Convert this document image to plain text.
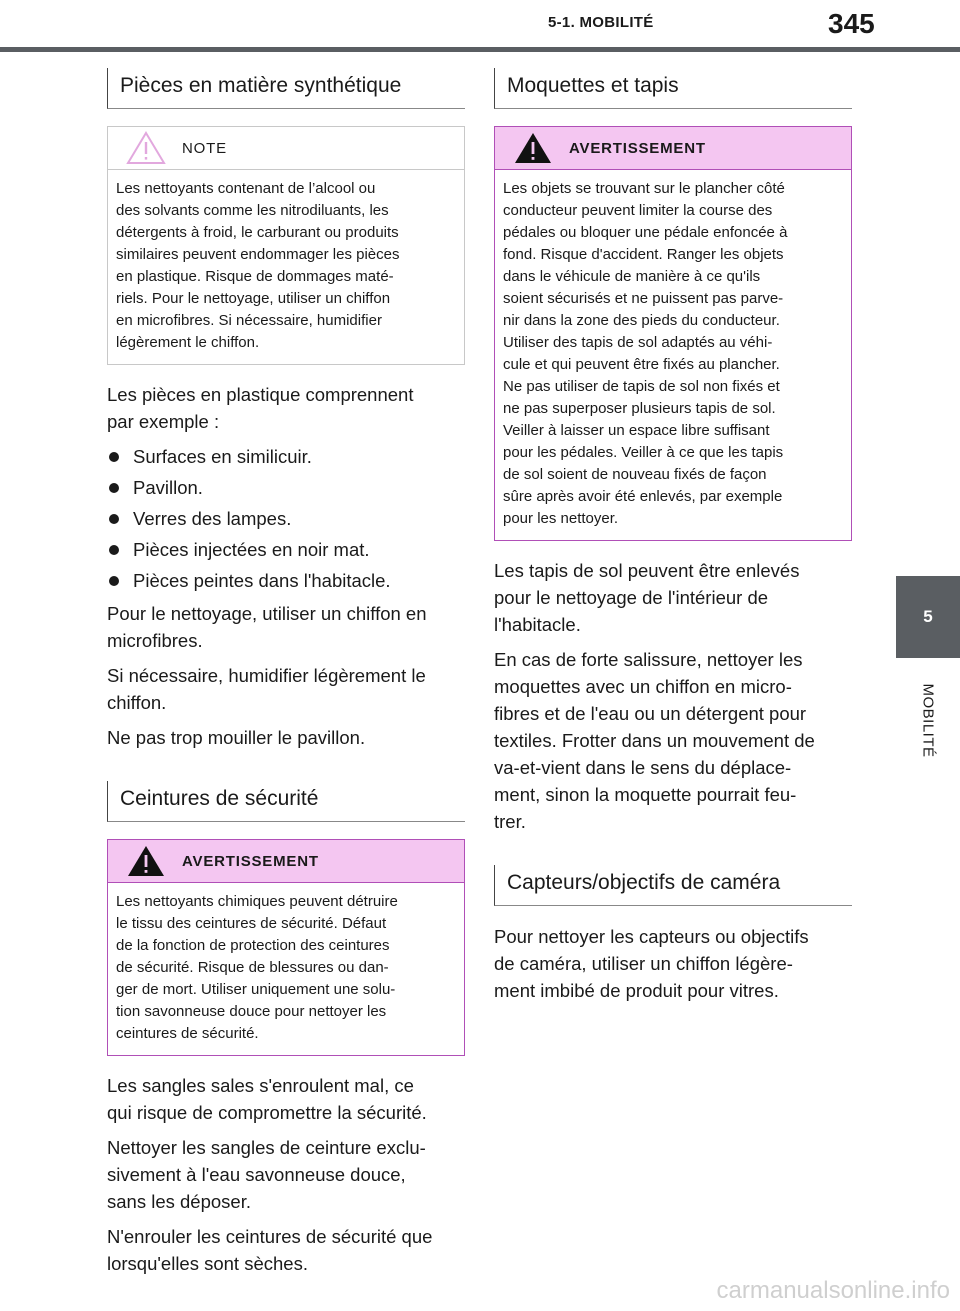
5-1. MOBILITÉ	345
5
MOBILITÉ
Pièces en matière synthétique
NOTE
Les nettoyants contenant de l’alcool ou
des solvants comme les nitrodiluants, les
détergents à froid, le carburant ou produits
similaires peuvent endommager les pièces
en plastique. Risque de dommages maté-
riels. Pour le nettoyage, utiliser un chiffon
en microfibres. Si nécessaire, humidifier
légèrement le chiffon.

Les pièces en plastique comprennent
par exemple :

Surfaces en similicuir.
Pavillon.
Verres des lampes.
Pièces injectées en noir mat.
Pièces peintes dans l'habitacle.

Pour le nettoyage, utiliser un chiffon en
microfibres.

Si nécessaire, humidifier légèrement le
chiffon.

Ne pas trop mouiller le pavillon.

Ceintures de sécurité
AVERTISSEMENT
Les nettoyants chimiques peuvent détruire
le tissu des ceintures de sécurité. Défaut
de la fonction de protection des ceintures
de sécurité. Risque de blessures ou dan-
ger de mort. Utiliser uniquement une solu-
tion savonneuse douce pour nettoyer les
ceintures de sécurité.

Les sangles sales s'enroulent mal, ce
qui risque de compromettre la sécurité.

Nettoyer les sangles de ceinture exclu-
sivement à l'eau savonneuse douce,
sans les déposer.

N'enrouler les ceintures de sécurité que
lorsqu'elles sont sèches.

Moquettes et tapis
AVERTISSEMENT
Les objets se trouvant sur le plancher côté
conducteur peuvent limiter la course des
pédales ou bloquer une pédale enfoncée à
fond. Risque d'accident. Ranger les objets
dans le véhicule de manière à ce qu'ils
soient sécurisés et ne puissent pas parve-
nir dans la zone des pieds du conducteur.
Utiliser des tapis de sol adaptés au véhi-
cule et qui peuvent être fixés au plancher.
Ne pas utiliser de tapis de sol non fixés et
ne pas superposer plusieurs tapis de sol.
Veiller à laisser un espace libre suffisant
pour les pédales. Veiller à ce que les tapis
de sol soient de nouveau fixés de façon
sûre après avoir été enlevés, par exemple
pour les nettoyer.

Les tapis de sol peuvent être enlevés
pour le nettoyage de l'intérieur de
l'habitacle.

En cas de forte salissure, nettoyer les
moquettes avec un chiffon en micro-
fibres et de l'eau ou un détergent pour
textiles. Frotter dans un mouvement de
va-et-vient dans le sens du déplace-
ment, sinon la moquette pourrait feu-
trer.

Capteurs/objectifs de caméra

Pour nettoyer les capteurs ou objectifs
de caméra, utiliser un chiffon légère-
ment imbibé de produit pour vitres.

carmanualsonline.info
